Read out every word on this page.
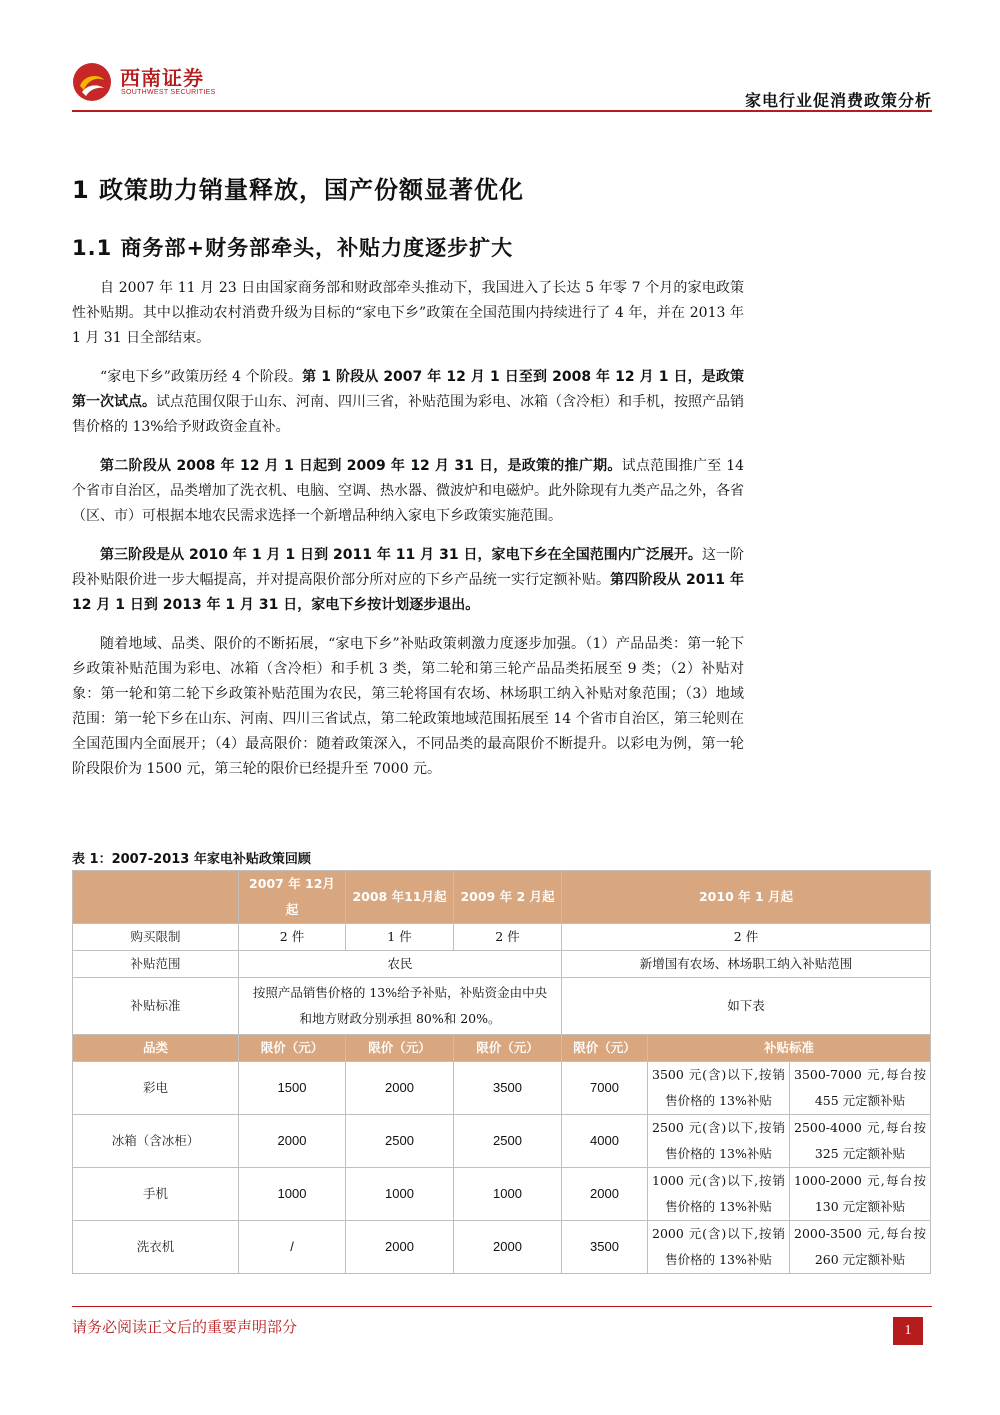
西南证券
SOUTHWEST SECURITIES	家电行业促消费政策分析
1 政策助力销量释放，国产份额显著优化
1.1 商务部+财务部牵头，补贴力度逐步扩大

自 2007 年 11 月 23 日由国家商务部和财政部牵头推动下，我国进入了长达 5 年零 7 个月的家电政策性补贴期。其中以推动农村消费升级为目标的“家电下乡”政策在全国范围内持续进行了 4 年，并在 2013 年 1 月 31 日全部结束。

“家电下乡”政策历经 4 个阶段。第 1 阶段从 2007 年 12 月 1 日至到 2008 年 12 月 1 日，是政策第一次试点。试点范围仅限于山东、河南、四川三省，补贴范围为彩电、冰箱（含冷柜）和手机，按照产品销售价格的 13%给予财政资金直补。

第二阶段从 2008 年 12 月 1 日起到 2009 年 12 月 31 日，是政策的推广期。试点范围推广至 14 个省市自治区，品类增加了洗衣机、电脑、空调、热水器、微波炉和电磁炉。此外除现有九类产品之外，各省（区、市）可根据本地农民需求选择一个新增品种纳入家电下乡政策实施范围。

第三阶段是从 2010 年 1 月 1 日到 2011 年 11 月 31 日，家电下乡在全国范围内广泛展开。这一阶段补贴限价进一步大幅提高，并对提高限价部分所对应的下乡产品统一实行定额补贴。第四阶段从 2011 年 12 月 1 日到 2013 年 1 月 31 日，家电下乡按计划逐步退出。

随着地域、品类、限价的不断拓展，“家电下乡”补贴政策刺激力度逐步加强。（1）产品品类：第一轮下乡政策补贴范围为彩电、冰箱（含冷柜）和手机 3 类，第二轮和第三轮产品品类拓展至 9 类；（2）补贴对象：第一轮和第二轮下乡政策补贴范围为农民，第三轮将国有农场、林场职工纳入补贴对象范围；（3）地域范围：第一轮下乡在山东、河南、四川三省试点，第二轮政策地域范围拓展至 14 个省市自治区，第三轮则在全国范围内全面展开；（4）最高限价：随着政策深入，不同品类的最高限价不断提升。以彩电为例，第一轮阶段限价为 1500 元，第三轮的限价已经提升至 7000 元。

表 1：2007-2013 年家电补贴政策回顾
	2007 年 12月起	2008 年11月起	2009 年 2 月起	2010 年 1 月起		
购买限制	2 件	1 件	2 件	2 件		
补贴范围	农民			新增国有农场、林场职工纳入补贴范围		
补贴标准	按照产品销售价格的 13%给予补贴，补贴资金由中央和地方财政分别承担 80%和 20%。			如下表		
品类	限价（元）	限价（元）	限价（元）	限价（元）	补贴标准	
彩电	1500	2000	3500	7000	3500 元(含)以下,按销售价格的 13%补贴	3500-7000 元,每台按 455 元定额补贴
冰箱（含冰柜）	2000	2500	2500	4000	2500 元(含)以下,按销售价格的 13%补贴	2500-4000 元,每台按 325 元定额补贴
手机	1000	1000	1000	2000	1000 元(含)以下,按销售价格的 13%补贴	1000-2000 元,每台按 130 元定额补贴
洗衣机	/	2000	2000	3500	2000 元(含)以下,按销售价格的 13%补贴	2000-3500 元,每台按 260 元定额补贴
请务必阅读正文后的重要声明部分	1
